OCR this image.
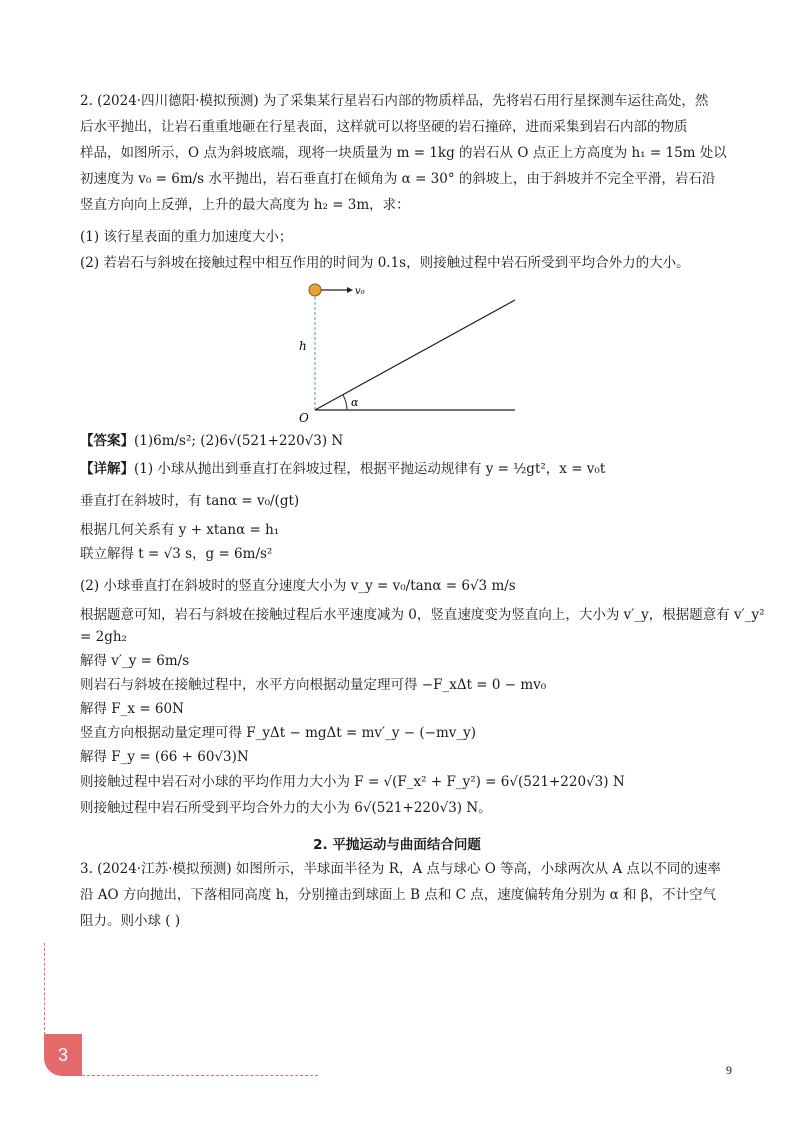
2. (2024·四川德阳·模拟预测) 为了采集某行星岩石内部的物质样品，先将岩石用行星探测车运往高处，然
后水平抛出，让岩石重重地砸在行星表面，这样就可以将坚硬的岩石撞碎，进而采集到岩石内部的物质
样品，如图所示，O 点为斜坡底端，现将一块质量为 m = 1kg 的岩石从 O 点正上方高度为 h₁ = 15m 处以
初速度为 v₀ = 6m/s 水平抛出，岩石垂直打在倾角为 α = 30° 的斜坡上，由于斜坡并不完全平滑，岩石沿
竖直方向向上反弹，上升的最大高度为 h₂ = 3m，求：
(1) 该行星表面的重力加速度大小；
(2) 若岩石与斜坡在接触过程中相互作用的时间为 0.1s，则接触过程中岩石所受到平均合外力的大小。
v₀
h
α
O
【答案】(1)6m/s²; (2)6√(521+220√3) N
【详解】(1) 小球从抛出到垂直打在斜坡过程，根据平抛运动规律有 y = ½gt²，x = v₀t
垂直打在斜坡时，有 tanα = v₀/(gt)
根据几何关系有 y + xtanα = h₁
联立解得 t = √3 s，g = 6m/s²
(2) 小球垂直打在斜坡时的竖直分速度大小为 v_y = v₀/tanα = 6√3 m/s
根据题意可知，岩石与斜坡在接触过程后水平速度减为 0，竖直速度变为竖直向上，大小为 v′_y，根据题意有 v′_y²
= 2gh₂
解得 v′_y = 6m/s
则岩石与斜坡在接触过程中，水平方向根据动量定理可得 −F_xΔt = 0 − mv₀
解得 F_x = 60N
竖直方向根据动量定理可得 F_yΔt − mgΔt = mv′_y − (−mv_y)
解得 F_y = (66 + 60√3)N
则接触过程中岩石对小球的平均作用力大小为 F = √(F_x² + F_y²) = 6√(521+220√3) N
则接触过程中岩石所受到平均合外力的大小为 6√(521+220√3) N。
2. 平抛运动与曲面结合问题
3. (2024·江苏·模拟预测) 如图所示，半球面半径为 R，A 点与球心 O 等高，小球两次从 A 点以不同的速率
沿 AO 方向抛出，下落相同高度 h，分别撞击到球面上 B 点和 C 点，速度偏转角分别为 α 和 β，不计空气
阻力。则小球 ( )
3
9
